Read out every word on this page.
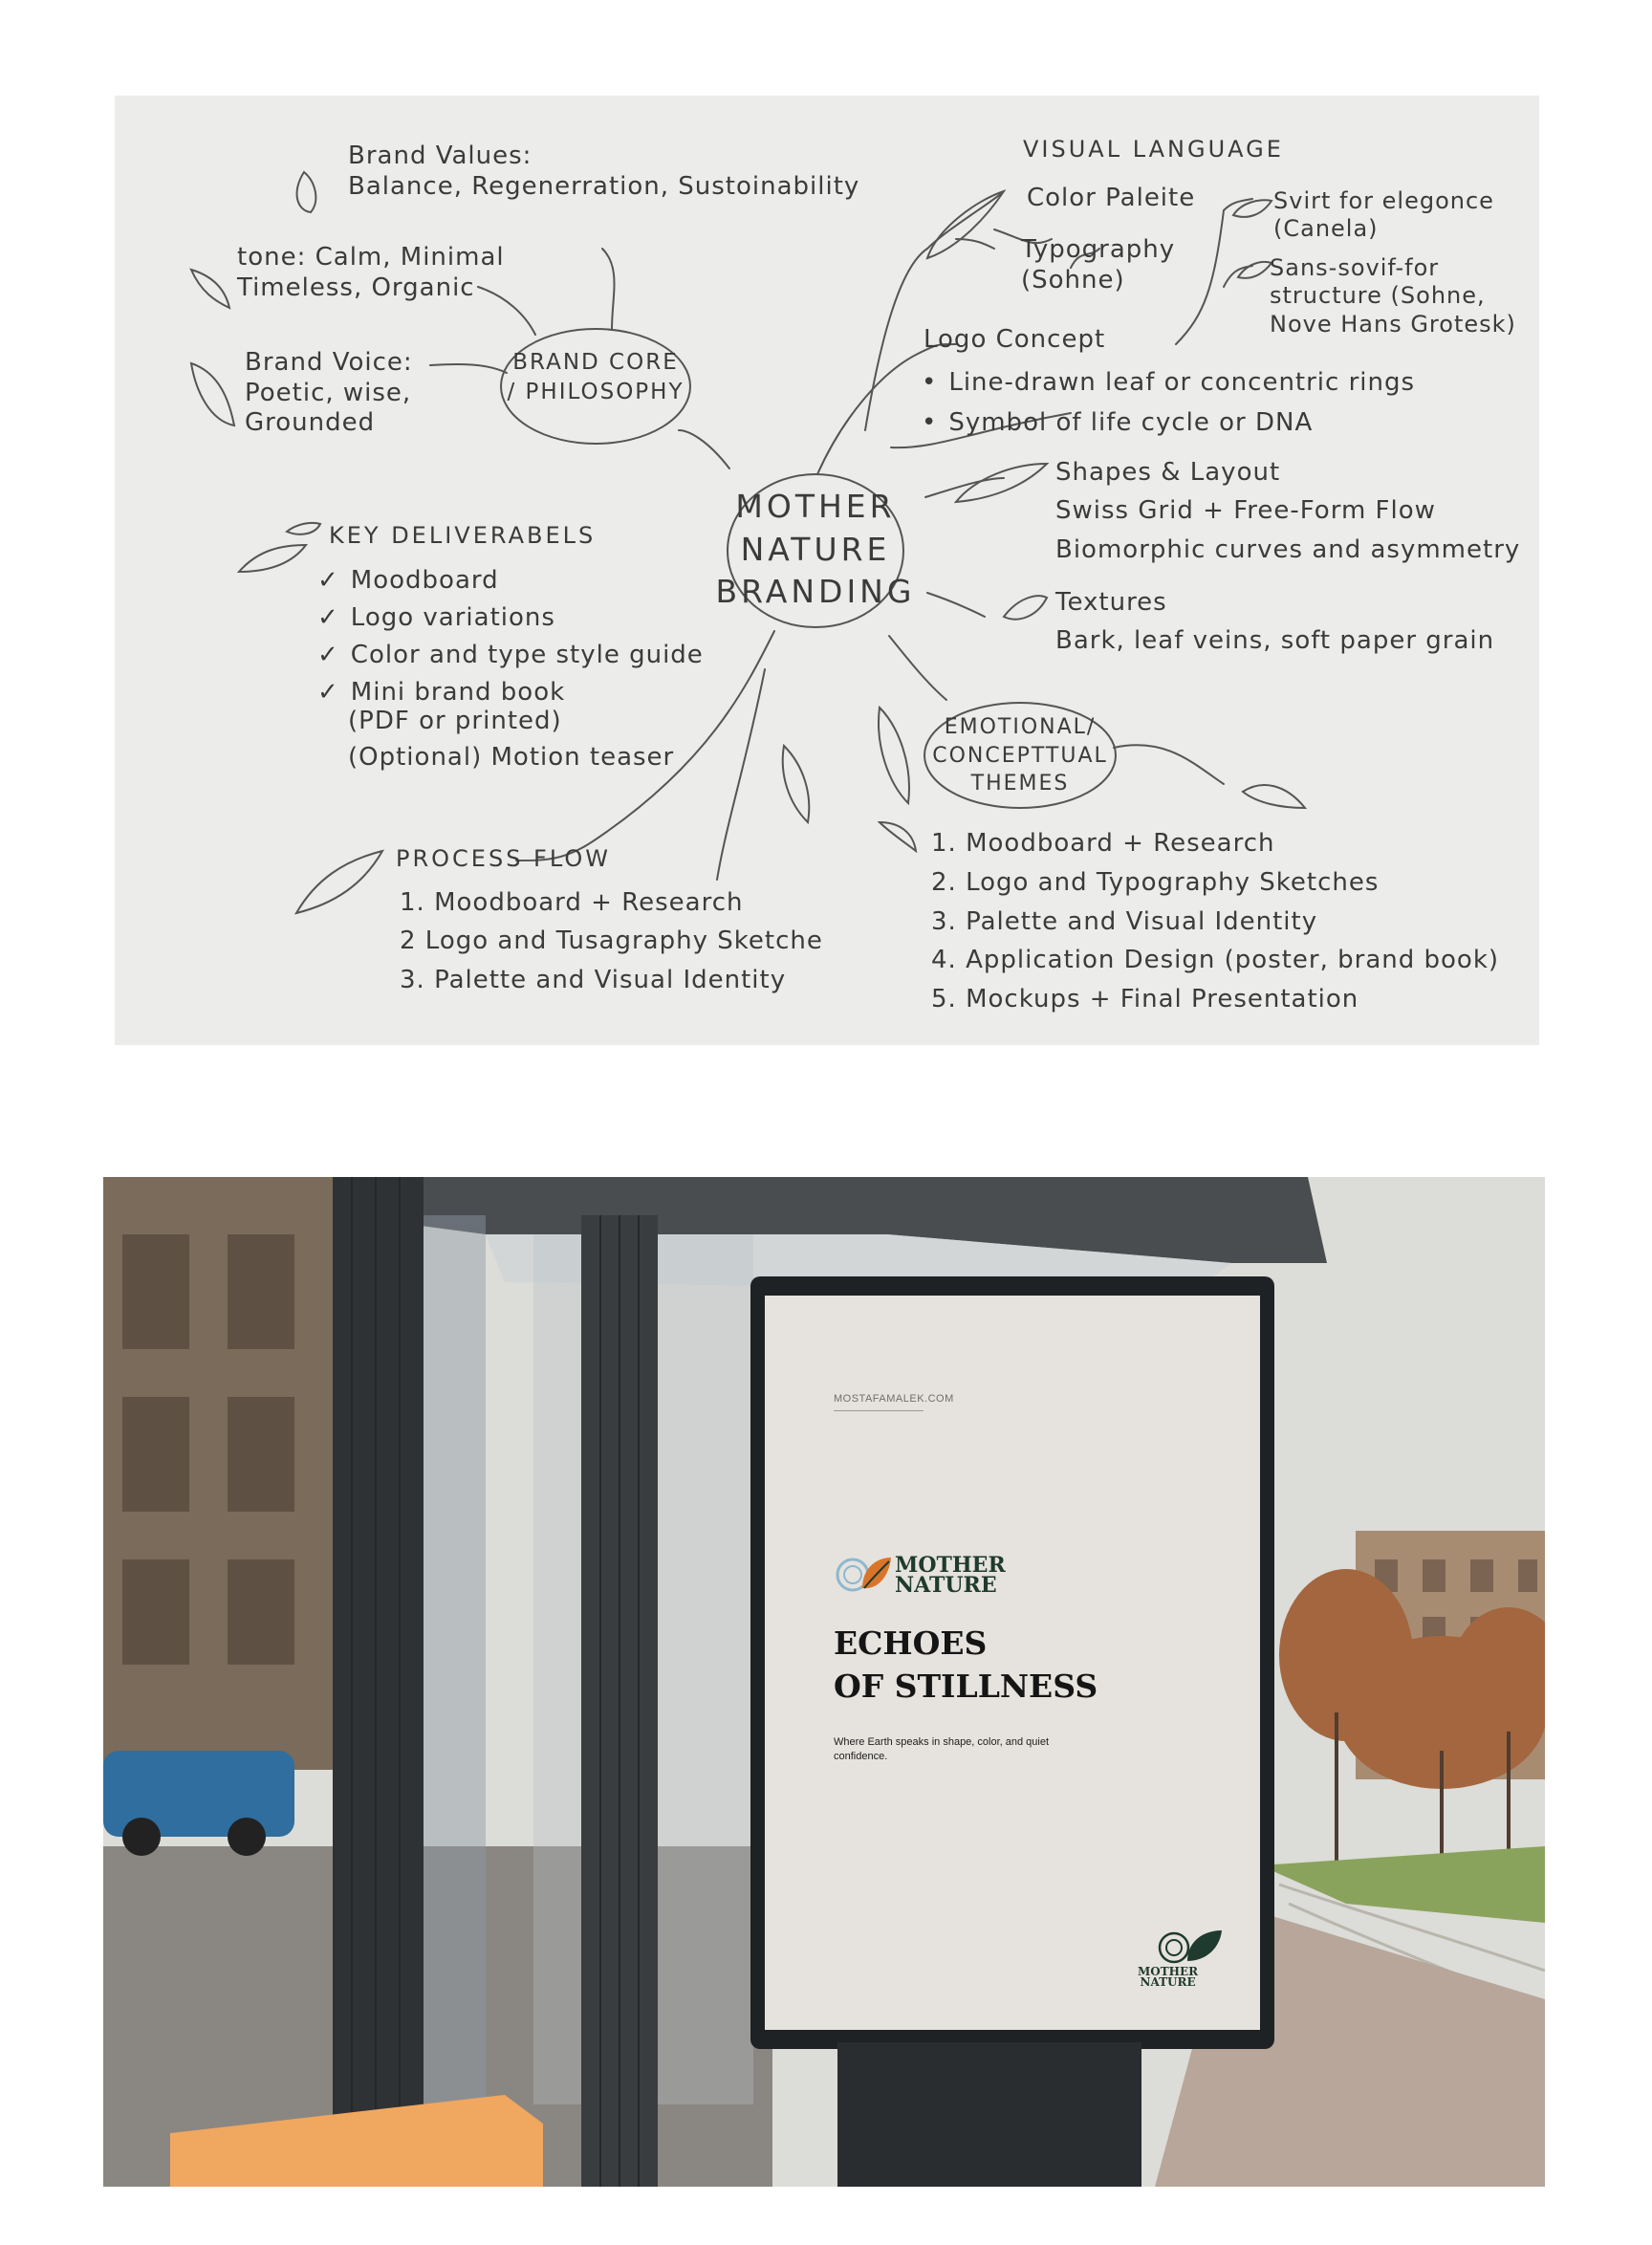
MOTHER
NATURE
BRANDING
BRAND CORE
/ PHILOSOPHY
Brand Values:
Balance, Regenerration, Sustoinability
tone: Calm, Minimal
Timeless, Organic
Brand Voice:
Poetic, wise,
Grounded
VISUAL LANGUAGE
Color Paleite
Typography
(Sohne)
Svirt for elegonce
(Canela)
Sans-sovif-for
structure (Sohne,
Nove Hans Grotesk)
Logo Concept
• Line-drawn leaf or concentric rings
• Symbol of life cycle or DNA
Shapes & Layout
Swiss Grid + Free-Form Flow
Biomorphic curves and asymmetry
Textures
Bark, leaf veins, soft paper grain
EMOTIONAL/
CONCEPTTUAL
THEMES
KEY DELIVERABELS
✓ Moodboard
✓ Logo variations
✓ Color and type style guide
✓ Mini brand book
(PDF or printed)
(Optional) Motion teaser
PROCESS FLOW
1. Moodboard + Research
2 Logo and Tusagraphy Sketche
3. Palette and Visual Identity
1. Moodboard + Research
2. Logo and Typography Sketches
3. Palette and Visual Identity
4. Application Design (poster, brand book)
5. Mockups + Final Presentation
MOSTAFAMALEK.COM
MOTHER
NATURE
ECHOES
OF STILLNESS
Where Earth speaks in shape, color, and quiet confidence.
MOTHER
NATURE
